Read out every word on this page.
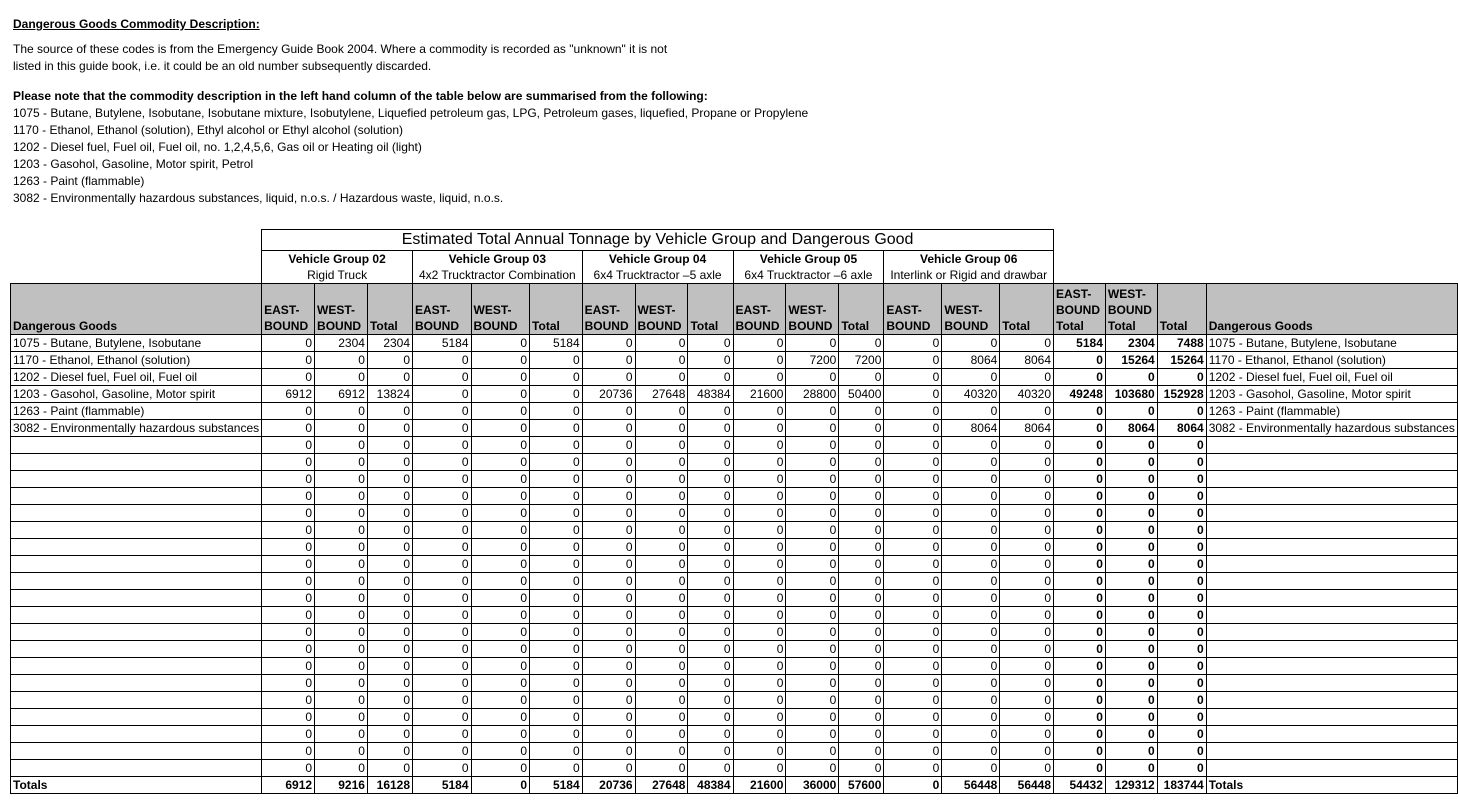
Dangerous Goods Commodity Description:
The source of these codes is from the Emergency Guide Book 2004. Where a commodity is recorded as "unknown" it is not
listed in this guide book, i.e. it could be an old number subsequently discarded.
Please note that the commodity description in the left hand column of the table below are summarised from the following:
1075 - Butane, Butylene, Isobutane, Isobutane mixture, Isobutylene, Liquefied petroleum gas, LPG, Petroleum gases, liquefied, Propane or Propylene
1170 - Ethanol, Ethanol (solution), Ethyl alcohol or Ethyl alcohol (solution)
1202 - Diesel fuel, Fuel oil, Fuel oil, no. 1,2,4,5,6, Gas oil or Heating oil (light)
1203 - Gasohol, Gasoline, Motor spirit, Petrol
1263 - Paint (flammable)
3082 - Environmentally hazardous substances, liquid, n.o.s. / Hazardous waste, liquid, n.o.s.
	Estimated Total Annual Tonnage by Vehicle Group and Dangerous Good																		
	Vehicle Group 02			Vehicle Group 03			Vehicle Group 04			Vehicle Group 05			Vehicle Group 06						
	Rigid Truck			4x2 Trucktractor Combination			6x4 Trucktractor –5 axle			6x4 Trucktractor –6 axle			Interlink or Rigid and drawbar						
Dangerous Goods	EAST-BOUND	WEST-BOUND	Total	EAST-BOUND	WEST-BOUND	Total	EAST-BOUND	WEST-BOUND	Total	EAST-BOUND	WEST-BOUND	Total	EAST-BOUND	WEST-BOUND	Total	EAST-BOUND Total	WEST-BOUND Total	Total	Dangerous Goods
1075 - Butane, Butylene, Isobutane	0	2304	2304	5184	0	5184	0	0	0	0	0	0	0	0	0	5184	2304	7488	1075 - Butane, Butylene, Isobutane
1170 - Ethanol, Ethanol (solution)	0	0	0	0	0	0	0	0	0	0	7200	7200	0	8064	8064	0	15264	15264	1170 - Ethanol, Ethanol (solution)
1202 - Diesel fuel, Fuel oil, Fuel oil	0	0	0	0	0	0	0	0	0	0	0	0	0	0	0	0	0	0	1202 - Diesel fuel, Fuel oil, Fuel oil
1203 - Gasohol, Gasoline, Motor spirit	6912	6912	13824	0	0	0	20736	27648	48384	21600	28800	50400	0	40320	40320	49248	103680	152928	1203 - Gasohol, Gasoline, Motor spirit
1263 - Paint (flammable)	0	0	0	0	0	0	0	0	0	0	0	0	0	0	0	0	0	0	1263 - Paint (flammable)
3082 - Environmentally hazardous substances	0	0	0	0	0	0	0	0	0	0	0	0	0	8064	8064	0	8064	8064	3082 - Environmentally hazardous substances
	0	0	0	0	0	0	0	0	0	0	0	0	0	0	0	0	0	0	
	0	0	0	0	0	0	0	0	0	0	0	0	0	0	0	0	0	0	
	0	0	0	0	0	0	0	0	0	0	0	0	0	0	0	0	0	0	
	0	0	0	0	0	0	0	0	0	0	0	0	0	0	0	0	0	0	
	0	0	0	0	0	0	0	0	0	0	0	0	0	0	0	0	0	0	
	0	0	0	0	0	0	0	0	0	0	0	0	0	0	0	0	0	0	
	0	0	0	0	0	0	0	0	0	0	0	0	0	0	0	0	0	0	
	0	0	0	0	0	0	0	0	0	0	0	0	0	0	0	0	0	0	
	0	0	0	0	0	0	0	0	0	0	0	0	0	0	0	0	0	0	
	0	0	0	0	0	0	0	0	0	0	0	0	0	0	0	0	0	0	
	0	0	0	0	0	0	0	0	0	0	0	0	0	0	0	0	0	0	
	0	0	0	0	0	0	0	0	0	0	0	0	0	0	0	0	0	0	
	0	0	0	0	0	0	0	0	0	0	0	0	0	0	0	0	0	0	
	0	0	0	0	0	0	0	0	0	0	0	0	0	0	0	0	0	0	
	0	0	0	0	0	0	0	0	0	0	0	0	0	0	0	0	0	0	
	0	0	0	0	0	0	0	0	0	0	0	0	0	0	0	0	0	0	
	0	0	0	0	0	0	0	0	0	0	0	0	0	0	0	0	0	0	
	0	0	0	0	0	0	0	0	0	0	0	0	0	0	0	0	0	0	
	0	0	0	0	0	0	0	0	0	0	0	0	0	0	0	0	0	0	
	0	0	0	0	0	0	0	0	0	0	0	0	0	0	0	0	0	0	
Totals	6912	9216	16128	5184	0	5184	20736	27648	48384	21600	36000	57600	0	56448	56448	54432	129312	183744	Totals
